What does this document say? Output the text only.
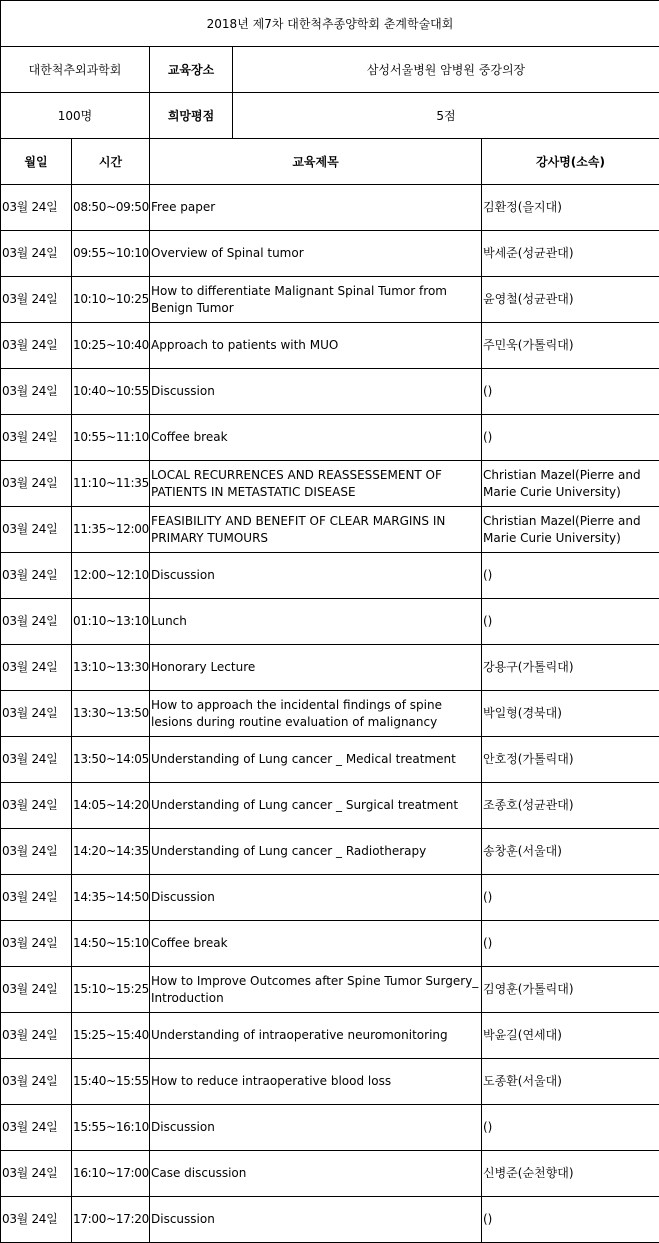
2018년 제7차 대한척추종양학회 춘계학술대회				
대한척추외과학회		교육장소	삼성서울병원 암병원 중강의장	
100명		희망평점	5점	
월일	시간	교육제목		강사명(소속)
03월 24일	08:50~09:50	Free paper		김환정(을지대)
03월 24일	09:55~10:10	Overview of Spinal tumor		박세준(성균관대)
03월 24일	10:10~10:25	How to differentiate Malignant Spinal Tumor from Benign Tumor		윤영철(성균관대)
03월 24일	10:25~10:40	Approach to patients with MUO		주민욱(가톨릭대)
03월 24일	10:40~10:55	Discussion		()
03월 24일	10:55~11:10	Coffee break		()
03월 24일	11:10~11:35	LOCAL RECURRENCES AND REASSESSEMENT OF PATIENTS IN METASTATIC DISEASE		Christian Mazel(Pierre and Marie Curie University)
03월 24일	11:35~12:00	FEASIBILITY AND BENEFIT OF CLEAR MARGINS IN PRIMARY TUMOURS		Christian Mazel(Pierre and Marie Curie University)
03월 24일	12:00~12:10	Discussion		()
03월 24일	01:10~13:10	Lunch		()
03월 24일	13:10~13:30	Honorary Lecture		강용구(가톨릭대)
03월 24일	13:30~13:50	How to approach the incidental findings of spine lesions during routine evaluation of malignancy		박일형(경북대)
03월 24일	13:50~14:05	Understanding of Lung cancer _ Medical treatment		안호정(가톨릭대)
03월 24일	14:05~14:20	Understanding of Lung cancer _ Surgical treatment		조종호(성균관대)
03월 24일	14:20~14:35	Understanding of Lung cancer _ Radiotherapy		송창훈(서울대)
03월 24일	14:35~14:50	Discussion		()
03월 24일	14:50~15:10	Coffee break		()
03월 24일	15:10~15:25	How to Improve Outcomes after Spine Tumor Surgery_ Introduction		김영훈(가톨릭대)
03월 24일	15:25~15:40	Understanding of intraoperative neuromonitoring		박윤길(연세대)
03월 24일	15:40~15:55	How to reduce intraoperative blood loss		도종환(서울대)
03월 24일	15:55~16:10	Discussion		()
03월 24일	16:10~17:00	Case discussion		신병준(순천향대)
03월 24일	17:00~17:20	Discussion		()
